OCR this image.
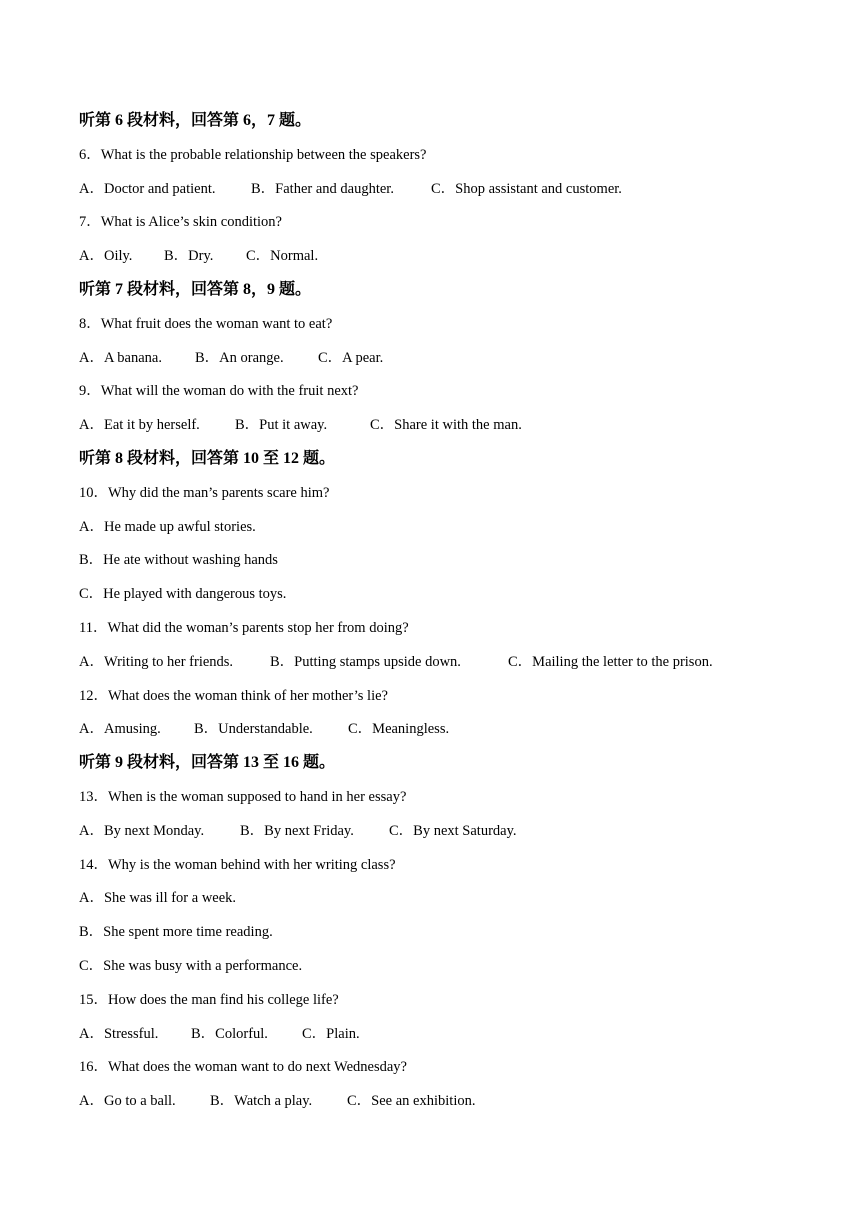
听第 6 段材料，回答第 6，7 题。
6．What is the probable relationship between the speakers?
A．Doctor and patient. B．Father and daughter.	C．Shop assistant and customer.
7．What is Alice’s skin condition?
A．Oily. B．Dry. C．Normal.
听第 7 段材料，回答第 8，9 题。
8．What fruit does the woman want to eat?
A．A banana. B．An orange. C．A pear.
9．What will the woman do with the fruit next?
A．Eat it by herself. B．Put it away.	C．Share it with the man.
听第 8 段材料，回答第 10 至 12 题。
10．Why did the man’s parents scare him?
A．He made up awful stories.
B．He ate without washing hands
C．He played with dangerous toys.
11．What did the woman’s parents stop her from doing?
A．Writing to her friends.	B．Putting stamps upside down.	C．Mailing the letter to the prison.
12．What does the woman think of her mother’s lie?
A．Amusing. B．Understandable. C．Meaningless.
听第 9 段材料，回答第 13 至 16 题。
13．When is the woman supposed to hand in her essay?
A．By next Monday. B．By next Friday. C．By next Saturday.
14．Why is the woman behind with her writing class?
A．She was ill for a week.
B．She spent more time reading.
C．She was busy with a performance.
15．How does the man find his college life?
A．Stressful. B．Colorful. C．Plain.
16．What does the woman want to do next Wednesday?
A．Go to a ball. B．Watch a play. C．See an exhibition.
